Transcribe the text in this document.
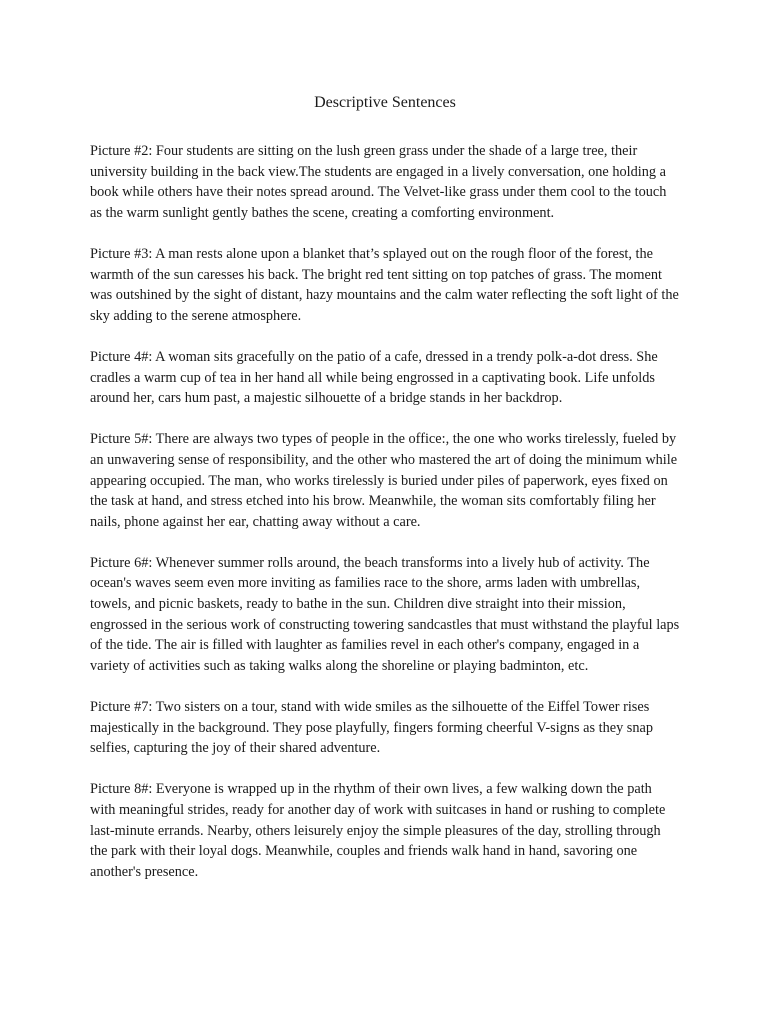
Descriptive Sentences

Picture #2: Four students are sitting on the lush green grass under the shade of a large tree, their university building in the back view.The students are engaged in a lively conversation, one holding a book while others have their notes spread around. The Velvet-like grass under them cool to the touch as the warm sunlight gently bathes the scene, creating a comforting environment.

Picture #3: A man rests alone upon a blanket that’s splayed out on the rough floor of the forest, the warmth of the sun caresses his back. The bright red tent sitting on top patches of grass. The moment was outshined by the sight of distant, hazy mountains and the calm water reflecting the soft light of the sky adding to the serene atmosphere.

Picture 4#: A woman sits gracefully on the patio of a cafe, dressed in a trendy polk-a-dot dress. She cradles a warm cup of tea in her hand all while being engrossed in a captivating book. Life unfolds around her, cars hum past, a majestic silhouette of a bridge stands in her backdrop.

Picture 5#: There are always two types of people in the office:, the one who works tirelessly, fueled by an unwavering sense of responsibility, and the other who mastered the art of doing the minimum while appearing occupied. The man, who works tirelessly is buried under piles of paperwork, eyes fixed on the task at hand, and stress etched into his brow. Meanwhile, the woman sits comfortably filing her nails, phone against her ear, chatting away without a care.

Picture 6#: Whenever summer rolls around, the beach transforms into a lively hub of activity. The ocean's waves seem even more inviting as families race to the shore, arms laden with umbrellas, towels, and picnic baskets, ready to bathe in the sun. Children dive straight into their mission, engrossed in the serious work of constructing towering sandcastles that must withstand the playful laps of the tide. The air is filled with laughter as families revel in each other's company, engaged in a variety of activities such as taking walks along the shoreline or playing badminton, etc.

Picture #7: Two sisters on a tour, stand with wide smiles as the silhouette of the Eiffel Tower rises majestically in the background. They pose playfully, fingers forming cheerful V-signs as they snap selfies, capturing the joy of their shared adventure.

Picture 8#: Everyone is wrapped up in the rhythm of their own lives, a few walking down the path with meaningful strides, ready for another day of work with suitcases in hand or rushing to complete last-minute errands. Nearby, others leisurely enjoy the simple pleasures of the day, strolling through the park with their loyal dogs. Meanwhile, couples and friends walk hand in hand, savoring one another's presence.
